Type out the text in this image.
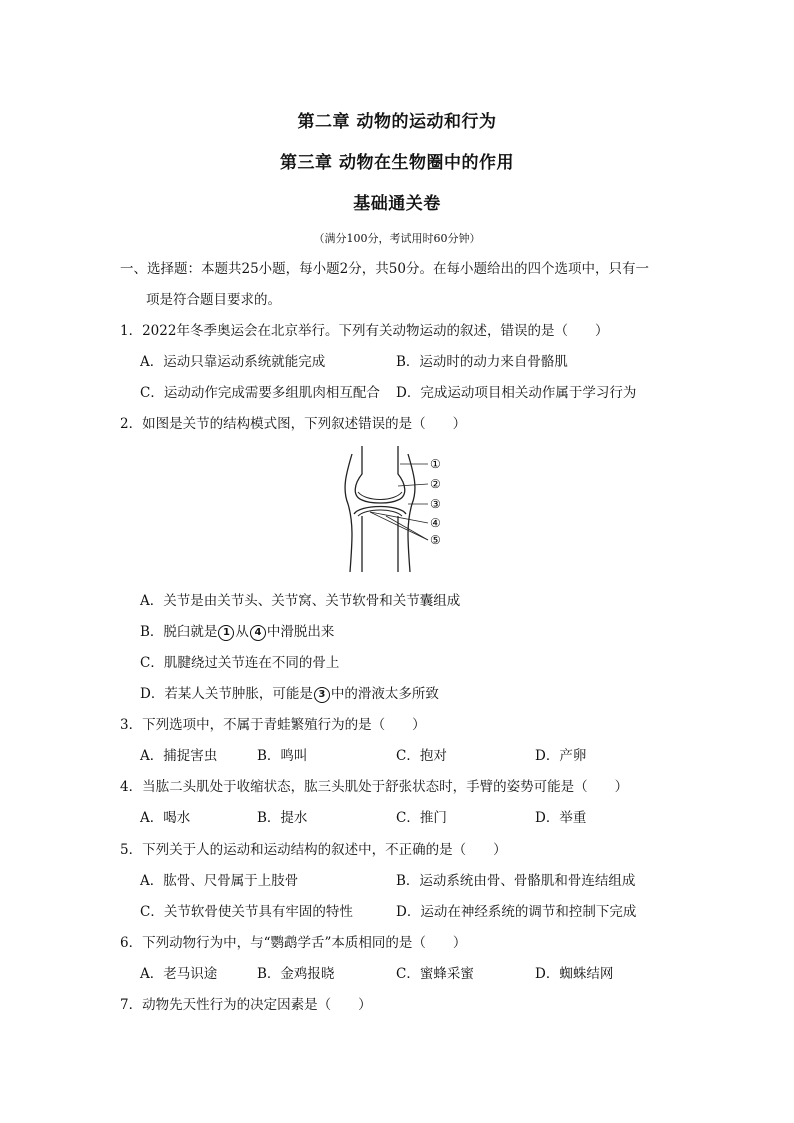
第二章 动物的运动和行为
第三章 动物在生物圈中的作用
基础通关卷
（满分100分，考试用时60分钟）
一、选择题：本题共25小题，每小题2分，共50分。在每小题给出的四个选项中，只有一
项是符合题目要求的。
1．2022年冬季奥运会在北京举行。下列有关动物运动的叙述，错误的是（　　）
A．运动只靠运动系统就能完成	B．运动时的动力来自骨骼肌
C．运动动作完成需要多组肌肉相互配合 D．完成运动项目相关动作属于学习行为
2．如图是关节的结构模式图，下列叙述错误的是（　　）
①
②
③
④
⑤
A．关节是由关节头、关节窝、关节软骨和关节囊组成
B．脱臼就是 1 从 4 中滑脱出来
C．肌腱绕过关节连在不同的骨上
D．若某人关节肿胀，可能是 3 中的滑液太多所致
3．下列选项中，不属于青蛙繁殖行为的是（　　）
A．捕捉害虫	B．鸣叫	C．抱对	D．产卵
4．当肱二头肌处于收缩状态，肱三头肌处于舒张状态时，手臂的姿势可能是（　　）
A．喝水	B．提水	C．推门	D．举重
5．下列关于人的运动和运动结构的叙述中，不正确的是（　　）
A．肱骨、尺骨属于上肢骨	B．运动系统由骨、骨骼肌和骨连结组成
C．关节软骨使关节具有牢固的特性	D．运动在神经系统的调节和控制下完成
6．下列动物行为中，与“鹦鹉学舌”本质相同的是（　　）
A．老马识途	B．金鸡报晓	C．蜜蜂采蜜	D．蜘蛛结网
7．动物先天性行为的决定因素是（　　）
